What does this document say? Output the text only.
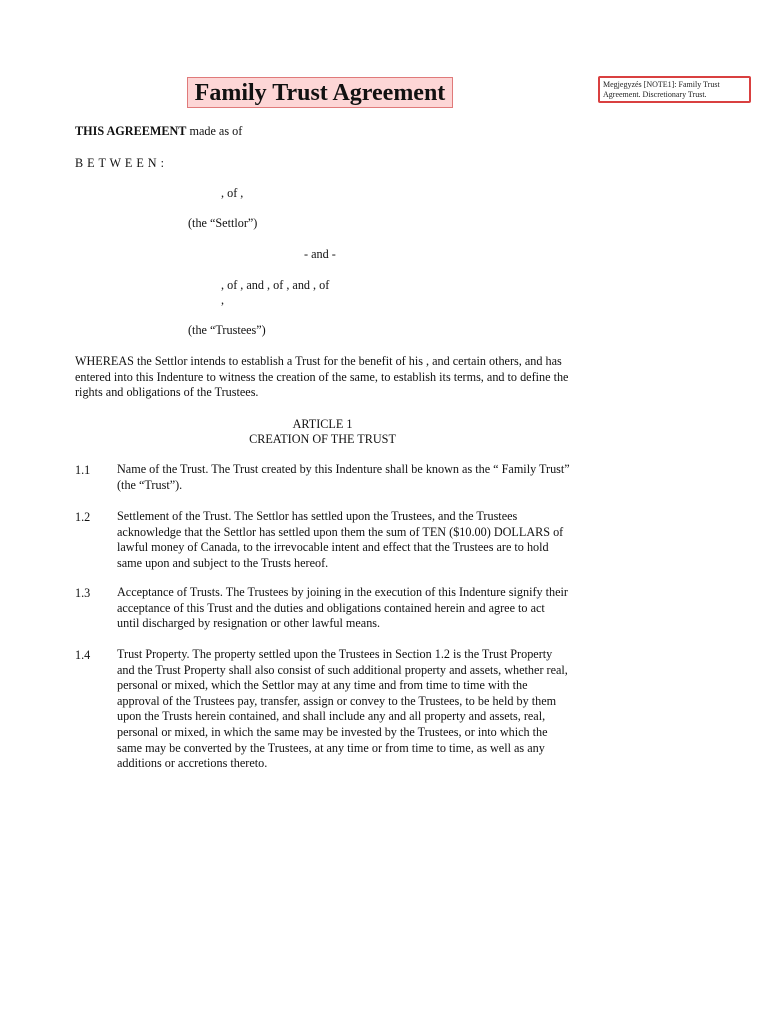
Family Trust Agreement	Megjegyzés [NOTE1]: Family Trust Agreement. Discretionary Trust.
THIS AGREEMENT made as of
B E T W E E N :
, of ,
(the “Settlor”)
- and -
, of , and , of , and , of
,
(the “Trustees”)
WHEREAS the Settlor intends to establish a Trust for the benefit of his , and certain others, and has entered into this Indenture to witness the creation of the same, to establish its terms, and to define the rights and obligations of the Trustees.
ARTICLE 1
CREATION OF THE TRUST
1.1 Name of the Trust. The Trust created by this Indenture shall be known as the “ Family Trust” (the “Trust”).
1.2 Settlement of the Trust. The Settlor has settled upon the Trustees, and the Trustees acknowledge that the Settlor has settled upon them the sum of TEN ($10.00) DOLLARS of lawful money of Canada, to the irrevocable intent and effect that the Trustees are to hold same upon and subject to the Trusts hereof.
1.3 Acceptance of Trusts. The Trustees by joining in the execution of this Indenture signify their acceptance of this Trust and the duties and obligations contained herein and agree to act until discharged by resignation or other lawful means.
1.4 Trust Property. The property settled upon the Trustees in Section 1.2 is the Trust Property and the Trust Property shall also consist of such additional property and assets, whether real, personal or mixed, which the Settlor may at any time and from time to time with the approval of the Trustees pay, transfer, assign or convey to the Trustees, to be held by them upon the Trusts herein contained, and shall include any and all property and assets, real, personal or mixed, in which the same may be invested by the Trustees, or into which the same may be converted by the Trustees, at any time or from time to time, as well as any additions or accretions thereto.
